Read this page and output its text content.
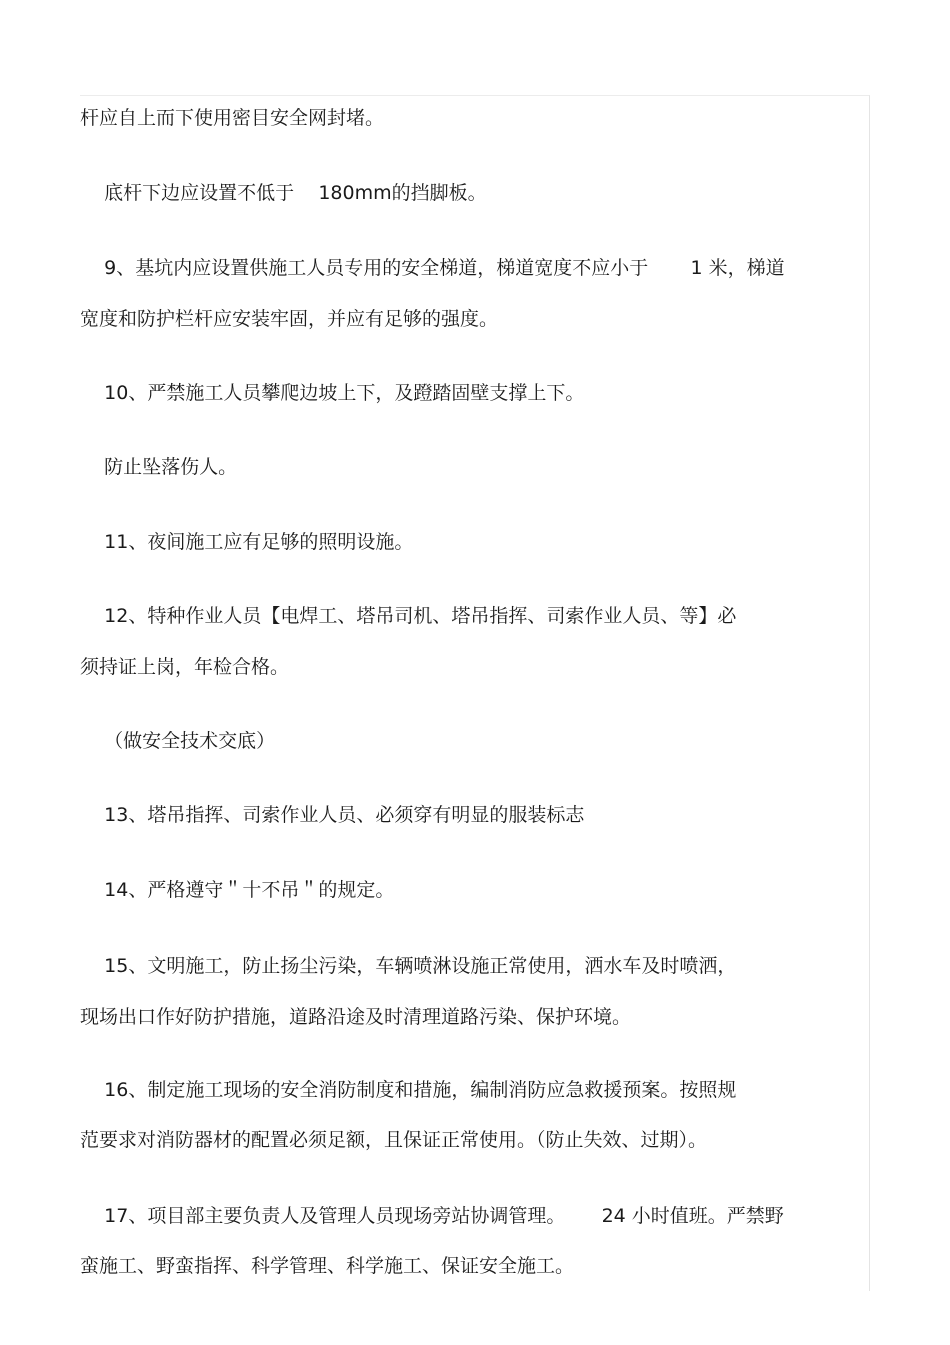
杆应自上而下使用密目安全网封堵。

底杆下边应设置不低于    180mm的挡脚板。

9、基坑内应设置供施工人员专用的安全梯道，梯道宽度不应小于       1 米，梯道

宽度和防护栏杆应安装牢固，并应有足够的强度。

10、严禁施工人员攀爬边坡上下，及蹬踏固壁支撑上下。

防止坠落伤人。

11、夜间施工应有足够的照明设施。

12、特种作业人员【电焊工、塔吊司机、塔吊指挥、司索作业人员、等】必

须持证上岗，年检合格。

（做安全技术交底）

13、塔吊指挥、司索作业人员、必须穿有明显的服装标志

14、严格遵守＂十不吊＂的规定。

15、文明施工，防止扬尘污染，车辆喷淋设施正常使用，洒水车及时喷洒，

现场出口作好防护措施，道路沿途及时清理道路污染、保护环境。

16、制定施工现场的安全消防制度和措施，编制消防应急救援预案。按照规

范要求对消防器材的配置必须足额，且保证正常使用。（防止失效、过期）。

17、项目部主要负责人及管理人员现场旁站协调管理。      24 小时值班。严禁野

蛮施工、野蛮指挥、科学管理、科学施工、保证安全施工。
